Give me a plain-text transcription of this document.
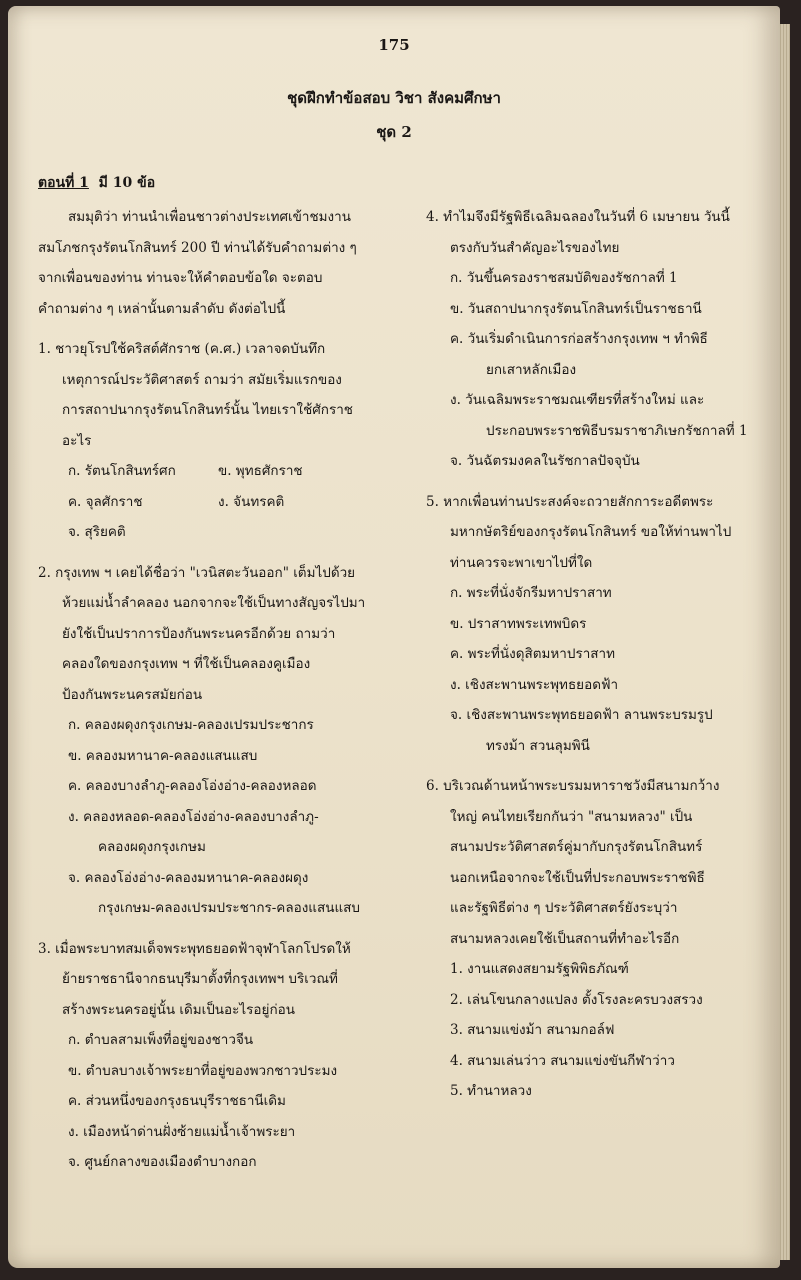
175
ชุดฝึกทำข้อสอบ วิชา สังคมศึกษา
ชุด 2
ตอนที่ 1 มี 10 ข้อ
สมมุติว่า ท่านนำเพื่อนชาวต่างประเทศเข้าชมงาน
สมโภชกรุงรัตนโกสินทร์ 200 ปี ท่านได้รับคำถามต่าง ๆ
จากเพื่อนของท่าน ท่านจะให้คำตอบข้อใด จะตอบ
คำถามต่าง ๆ เหล่านั้นตามลำดับ ดังต่อไปนี้
1. ชาวยุโรปใช้คริสต์ศักราช (ค.ศ.) เวลาจดบันทึก
เหตุการณ์ประวัติศาสตร์ ถามว่า สมัยเริ่มแรกของ
การสถาปนากรุงรัตนโกสินทร์นั้น ไทยเราใช้ศักราช
อะไร
ก. รัตนโกสินทร์ศก	ข. พุทธศักราช
ค. จุลศักราช	ง. จันทรคติ
จ. สุริยคติ
2. กรุงเทพ ฯ เคยได้ชื่อว่า "เวนิสตะวันออก" เต็มไปด้วย
ห้วยแม่น้ำลำคลอง นอกจากจะใช้เป็นทางสัญจรไปมา
ยังใช้เป็นปราการป้องกันพระนครอีกด้วย ถามว่า
คลองใดของกรุงเทพ ฯ ที่ใช้เป็นคลองคูเมือง
ป้องกันพระนครสมัยก่อน
ก. คลองผดุงกรุงเกษม-คลองเปรมประชากร
ข. คลองมหานาค-คลองแสนแสบ
ค. คลองบางลำภู-คลองโอ่งอ่าง-คลองหลอด
ง. คลองหลอด-คลองโอ่งอ่าง-คลองบางลำภู-
คลองผดุงกรุงเกษม
จ. คลองโอ่งอ่าง-คลองมหานาค-คลองผดุง
กรุงเกษม-คลองเปรมประชากร-คลองแสนแสบ
3. เมื่อพระบาทสมเด็จพระพุทธยอดฟ้าจุฬาโลกโปรดให้
ย้ายราชธานีจากธนบุรีมาตั้งที่กรุงเทพฯ บริเวณที่
สร้างพระนครอยู่นั้น เดิมเป็นอะไรอยู่ก่อน
ก. ตำบลสามเพ็งที่อยู่ของชาวจีน
ข. ตำบลบางเจ้าพระยาที่อยู่ของพวกชาวประมง
ค. ส่วนหนึ่งของกรุงธนบุรีราชธานีเดิม
ง. เมืองหน้าด่านฝั่งซ้ายแม่น้ำเจ้าพระยา
จ. ศูนย์กลางของเมืองตำบางกอก
4. ทำไมจึงมีรัฐพิธีเฉลิมฉลองในวันที่ 6 เมษายน วันนี้
ตรงกับวันสำคัญอะไรของไทย
ก. วันขึ้นครองราชสมบัติของรัชกาลที่ 1
ข. วันสถาปนากรุงรัตนโกสินทร์เป็นราชธานี
ค. วันเริ่มดำเนินการก่อสร้างกรุงเทพ ฯ ทำพิธี
ยกเสาหลักเมือง
ง. วันเฉลิมพระราชมณเฑียรที่สร้างใหม่ และ
ประกอบพระราชพิธีบรมราชาภิเษกรัชกาลที่ 1
จ. วันฉัตรมงคลในรัชกาลปัจจุบัน
5. หากเพื่อนท่านประสงค์จะถวายสักการะอดีตพระ
มหากษัตริย์ของกรุงรัตนโกสินทร์ ขอให้ท่านพาไป
ท่านควรจะพาเขาไปที่ใด
ก. พระที่นั่งจักรีมหาปราสาท
ข. ปราสาทพระเทพบิดร
ค. พระที่นั่งดุสิตมหาปราสาท
ง. เชิงสะพานพระพุทธยอดฟ้า
จ. เชิงสะพานพระพุทธยอดฟ้า ลานพระบรมรูป
ทรงม้า สวนลุมพินี
6. บริเวณด้านหน้าพระบรมมหาราชวังมีสนามกว้าง
ใหญ่ คนไทยเรียกกันว่า "สนามหลวง" เป็น
สนามประวัติศาสตร์คู่มากับกรุงรัตนโกสินทร์
นอกเหนือจากจะใช้เป็นที่ประกอบพระราชพิธี
และรัฐพิธีต่าง ๆ ประวัติศาสตร์ยังระบุว่า
สนามหลวงเคยใช้เป็นสถานที่ทำอะไรอีก
1. งานแสดงสยามรัฐพิพิธภัณฑ์
2. เล่นโขนกลางแปลง ตั้งโรงละครบวงสรวง
3. สนามแข่งม้า สนามกอล์ฟ
4. สนามเล่นว่าว สนามแข่งขันกีฬาว่าว
5. ทำนาหลวง
